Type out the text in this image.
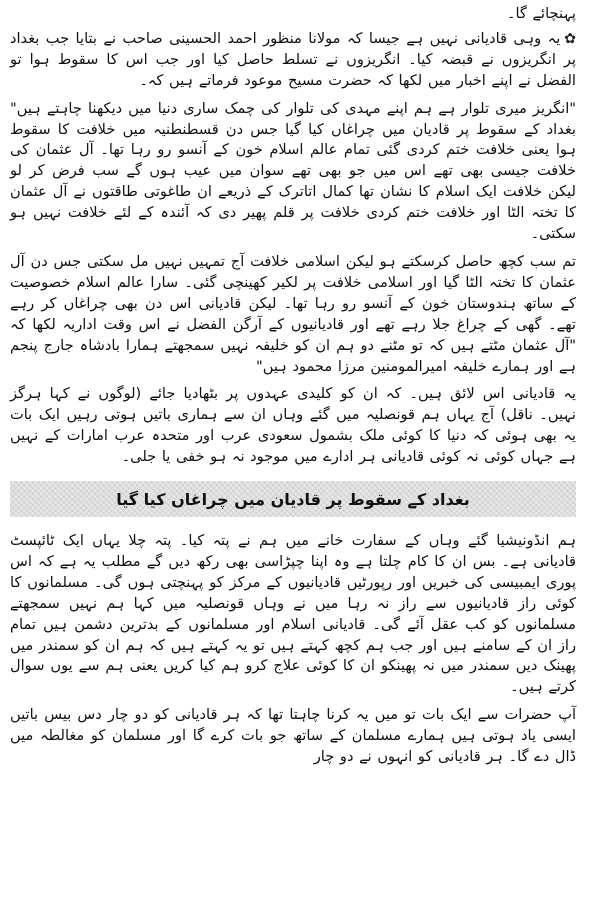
پہنچائے گا۔

✿یہ وہی قادیانی نہیں ہے جیسا کہ مولانا منظور احمد الحسینی صاحب نے بتایا جب بغداد پر انگریزوں نے قبضہ کیا۔ انگریزوں نے تسلط حاصل کیا اور جب اس کا سقوط ہوا تو الفضل نے اپنے اخبار میں لکھا کہ حضرت مسیح موعود فرماتے ہیں کہ۔

"انگریز میری تلوار ہے ہم اپنے مہدی کی تلوار کی چمک ساری دنیا میں دیکھنا چاہتے ہیں" بغداد کے سقوط پر قادیان میں چراغاں کیا گیا جس دن قسطنطنیہ میں خلافت کا سقوط ہوا یعنی خلافت ختم کردی گئی تمام عالم اسلام خون کے آنسو رو رہا تھا۔ آل عثمان کی خلافت جیسی بھی تھے اس میں جو بھی تھے سوان میں عیب ہوں گے سب فرض کر لو لیکن خلافت ایک اسلام کا نشان تھا کمال اتاترک کے ذریعے ان طاغوتی طاقتوں نے آل عثمان کا تختہ الٹا اور خلافت ختم کردی خلافت پر قلم پھیر دی کہ آئندہ کے لئے خلافت نہیں ہو سکتی۔

تم سب کچھ حاصل کرسکتے ہو لیکن اسلامی خلافت آج تمہیں نہیں مل سکتی جس دن آل عثمان کا تختہ الٹا گیا اور اسلامی خلافت پر لکیر کھینچی گئی۔ سارا عالم اسلام خصوصیت کے ساتھ ہندوستان خون کے آنسو رو رہا تھا۔ لیکن قادیانی اس دن بھی چراغاں کر رہے تھے۔ گھی کے چراغ جلا رہے تھے اور قادیانیوں کے آرگن الفضل نے اس وقت اداریہ لکھا کہ "آل عثمان مٹتے ہیں کہ تو مٹنے دو ہم ان کو خلیفہ نہیں سمجھتے ہمارا بادشاہ جارج پنجم ہے اور ہمارے خلیفہ امیرالمومنین مرزا محمود ہیں"

یہ قادیانی اس لائق ہیں۔ کہ ان کو کلیدی عہدوں پر بٹھادیا جائے (لوگوں نے کہا ہرگز نہیں۔ ناقل) آج یہاں ہم قونصلیہ میں گئے وہاں ان سے ہماری باتیں ہوتی رہیں ایک بات یہ بھی ہوئی کہ دنیا کا کوئی ملک بشمول سعودی عرب اور متحدہ عرب امارات کے نہیں ہے جہاں کوئی نہ کوئی قادیانی ہر ادارے میں موجود نہ ہو خفی یا جلی۔

بغداد کے سقوط پر قادیان میں چراغاں کیا گیا

ہم انڈونیشیا گئے وہاں کے سفارت خانے میں ہم نے پتہ کیا۔ پتہ چلا یہاں ایک ٹائپسٹ قادیانی ہے۔ بس ان کا کام چلتا ہے وہ اپنا چپڑاسی بھی رکھ دیں گے مطلب یہ ہے کہ اس پوری ایمبیسی کی خبریں اور رپورٹیں قادیانیوں کے مرکز کو پہنچتی ہوں گی۔ مسلمانوں کا کوئی راز قادیانیوں سے راز نہ رہا میں نے وہاں قونصلیہ میں کہا ہم نہیں سمجھتے مسلمانوں کو کب عقل آئے گی۔ قادیانی اسلام اور مسلمانوں کے بدترین دشمن ہیں تمام راز ان کے سامنے ہیں اور جب ہم کچھ کہتے ہیں تو یہ کہتے ہیں کہ ہم ان کو سمندر میں پھینک دیں سمندر میں نہ پھینکو ان کا کوئی علاج کرو ہم کیا کریں یعنی ہم سے یوں سوال کرتے ہیں۔

آپ حضرات سے ایک بات تو میں یہ کرنا چاہتا تھا کہ ہر قادیانی کو دو چار دس بیس باتیں ایسی یاد ہوتی ہیں ہمارے مسلمان کے ساتھ جو بات کرے گا اور مسلمان کو مغالطہ میں ڈال دے گا۔ ہر قادیانی کو انہوں نے دو چار
